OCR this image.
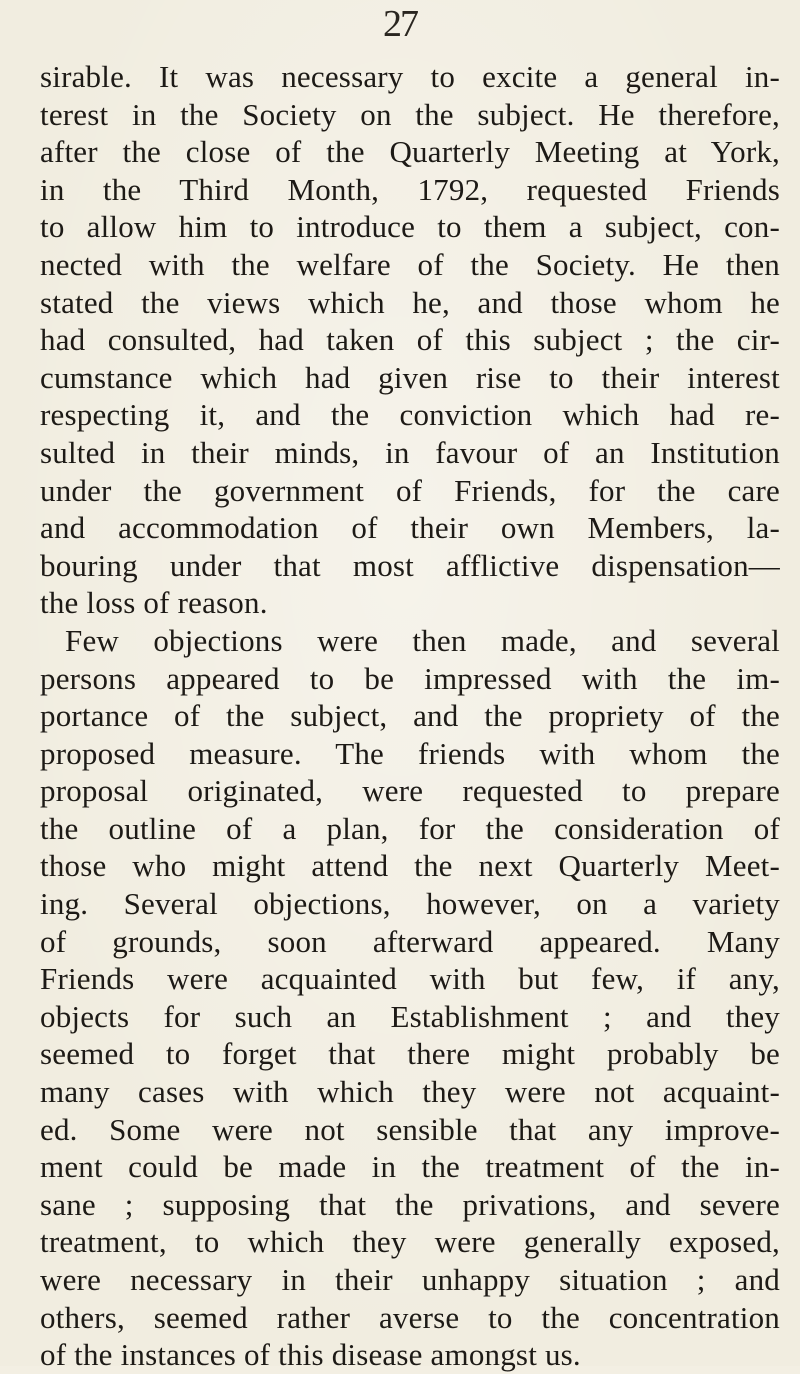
27
sirable. It was necessary to excite a general in-
terest in the Society on the subject. He therefore,
after the close of the Quarterly Meeting at York,
in the Third Month, 1792, requested Friends
to allow him to introduce to them a subject, con-
nected with the welfare of the Society. He then
stated the views which he, and those whom he
had consulted, had taken of this subject ; the cir-
cumstance which had given rise to their interest
respecting it, and the conviction which had re-
sulted in their minds, in favour of an Institution
under the government of Friends, for the care
and accommodation of their own Members, la-
bouring under that most afflictive dispensation—
the loss of reason.
Few objections were then made, and several
persons appeared to be impressed with the im-
portance of the subject, and the propriety of the
proposed measure. The friends with whom the
proposal originated, were requested to prepare
the outline of a plan, for the consideration of
those who might attend the next Quarterly Meet-
ing. Several objections, however, on a variety
of grounds, soon afterward appeared. Many
Friends were acquainted with but few, if any,
objects for such an Establishment ; and they
seemed to forget that there might probably be
many cases with which they were not acquaint-
ed. Some were not sensible that any improve-
ment could be made in the treatment of the in-
sane ; supposing that the privations, and severe
treatment, to which they were generally exposed,
were necessary in their unhappy situation ; and
others, seemed rather averse to the concentration
of the instances of this disease amongst us.
